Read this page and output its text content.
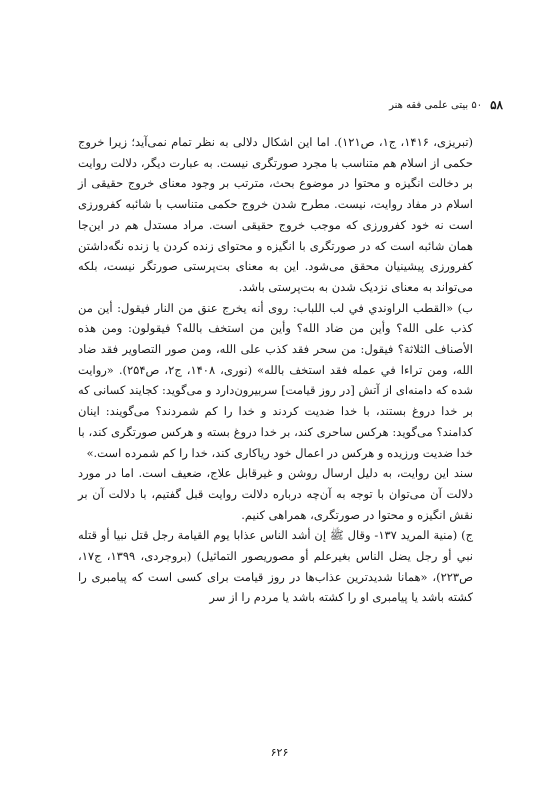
۵۸
۵۰ بیتی علمی فقه هنر

(تبریزی، ۱۴۱۶، ج۱، ص۱۲۱). اما این اشکال دلالی به نظر تمام نمی‌آید؛ زیرا خروج حکمی از اسلام هم متناسب با مجرد صورتگری نیست. به عبارت دیگر، دلالت روایت بر دخالت انگیزه و محتوا در موضوع بحث، مترتب بر وجود معنای خروج حقیقی از اسلام در مفاد روایت، نیست. مطرح شدن خروج حکمی متناسب با شائبه کفرورزی است نه خود کفرورزی که موجب خروج حقیقی است. مراد مستدل هم در این‌جا همان شائبه است که در صورتگری با انگیزه و محتوای زنده کردن یا زنده نگه‌داشتن کفرورزی پیشینیان محقق می‌شود. این به معنای بت‌پرستی صورتگر نیست، بلکه می‌تواند به معنای نزدیک شدن به بت‌پرستی باشد.

ب) «القطب الراوندي في لب اللباب: روى أنه يخرج عنق من النار فيقول: أين من كذب على الله؟ وأين من ضاد الله؟ وأين من استخف بالله؟ فيقولون: ومن هذه الأصناف الثلاثة؟ فيقول: من سحر فقد كذب على الله، ومن صور التصاوير فقد ضاد الله، ومن تراءا في عمله فقد استخف بالله» (نوری، ۱۴۰۸، ج۲، ص۲۵۴). «روایت شده که دامنه‌ای از آتش [در روز قیامت] سربیرون‌دارد و می‌گوید: کجایند کسانی که بر خدا دروغ بستند، با خدا ضدیت کردند و خدا را کم شمردند؟ می‌گویند: اینان کدامند؟ می‌گوید: هرکس ساحری کند، بر خدا دروغ بسته و هرکس صورتگری کند، با خدا ضدیت ورزیده و هرکس در اعمال خود ریاکاری کند، خدا را کم شمرده است.»

سند این روایت، به دلیل ارسال روشن و غیرقابل علاج، ضعیف است. اما در مورد دلالت آن می‌توان با توجه به آن‌چه درباره دلالت روایت قبل گفتیم، با دلالت آن بر نقش انگیزه و محتوا در صورتگری، همراهی کنیم.

ج) (منية المريد ۱۳۷- وقال ﷺ إن أشد الناس عذابا يوم القيامة رجل قتل نبيا أو قتله نبي أو رجل يضل الناس بغيرعلم أو مصوريصور التماثيل) (بروجردی، ۱۳۹۹، ج۱۷، ص۲۲۳)، «همانا شدیدترین عذاب‌ها در روز قیامت برای کسی است که پیامبری را کشته باشد یا پیامبری او را کشته باشد یا مردم را از سر

۶۲۶
